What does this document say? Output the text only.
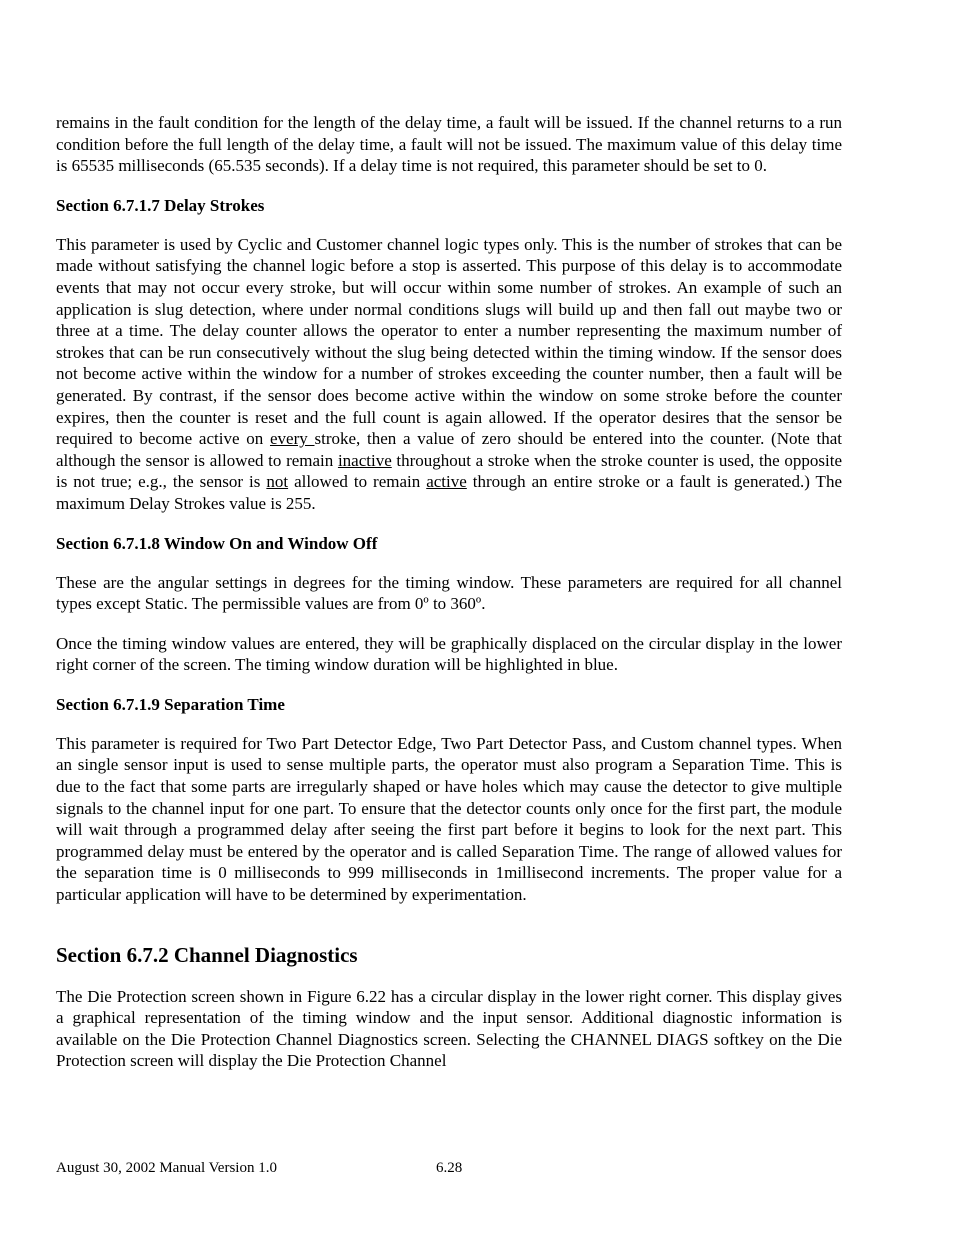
remains in the fault condition for the length of the delay time, a fault will be issued. If the channel returns to a run condition before the full length of the delay time, a fault will not be issued. The maximum value of this delay time is 65535 milliseconds (65.535 seconds). If a delay time is not required, this parameter should be set to 0.

Section 6.7.1.7 Delay Strokes

This parameter is used by Cyclic and Customer channel logic types only. This is the number of strokes that can be made without satisfying the channel logic before a stop is asserted. This purpose of this delay is to accommodate events that may not occur every stroke, but will occur within some number of strokes. An example of such an application is slug detection, where under normal conditions slugs will build up and then fall out maybe two or three at a time. The delay counter allows the operator to enter a number representing the maximum number of strokes that can be run consecutively without the slug being detected within the timing window. If the sensor does not become active within the window for a number of strokes exceeding the counter number, then a fault will be generated. By contrast, if the sensor does become active within the window on some stroke before the counter expires, then the counter is reset and the full count is again allowed. If the operator desires that the sensor be required to become active on every stroke, then a value of zero should be entered into the counter. (Note that although the sensor is allowed to remain inactive throughout a stroke when the stroke counter is used, the opposite is not true; e.g., the sensor is not allowed to remain active through an entire stroke or a fault is generated.) The maximum Delay Strokes value is 255.

Section 6.7.1.8 Window On and Window Off

These are the angular settings in degrees for the timing window. These parameters are required for all channel types except Static. The permissible values are from 0º to 360º.

Once the timing window values are entered, they will be graphically displaced on the circular display in the lower right corner of the screen. The timing window duration will be highlighted in blue.

Section 6.7.1.9 Separation Time

This parameter is required for Two Part Detector Edge, Two Part Detector Pass, and Custom channel types. When an single sensor input is used to sense multiple parts, the operator must also program a Separation Time. This is due to the fact that some parts are irregularly shaped or have holes which may cause the detector to give multiple signals to the channel input for one part. To ensure that the detector counts only once for the first part, the module will wait through a programmed delay after seeing the first part before it begins to look for the next part. This programmed delay must be entered by the operator and is called Separation Time. The range of allowed values for the separation time is 0 milliseconds to 999 milliseconds in 1millisecond increments. The proper value for a particular application will have to be determined by experimentation.

Section 6.7.2 Channel Diagnostics

The Die Protection screen shown in Figure 6.22 has a circular display in the lower right corner. This display gives a graphical representation of the timing window and the input sensor. Additional diagnostic information is available on the Die Protection Channel Diagnostics screen. Selecting the CHANNEL DIAGS softkey on the Die Protection screen will display the Die Protection Channel

August 30, 2002 Manual Version 1.0	6.28
